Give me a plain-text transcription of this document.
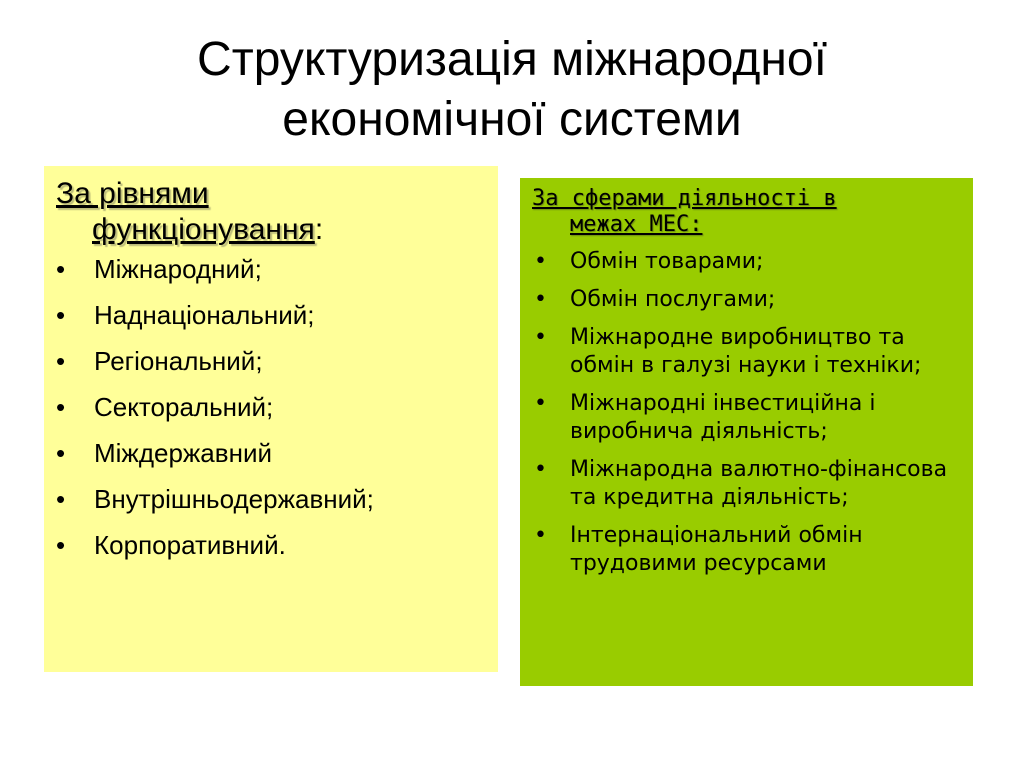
Структуризація міжнародної
економічної системи
За рівнями
функціонування:
• Міжнародний;
• Наднаціональний;
• Регіональний;
• Секторальний;
• Міждержавний
• Внутрішньодержавний;
• Корпоративний.
За сферами діяльності в
межах МЕС:
• Обмін товарами;
• Обмін послугами;
• Міжнародне виробництво та обмін в галузі науки і техніки;
• Міжнародні інвестиційна і виробнича діяльність;
• Міжнародна валютно-фінансова та кредитна діяльність;
• Інтернаціональний обмін трудовими ресурсами
